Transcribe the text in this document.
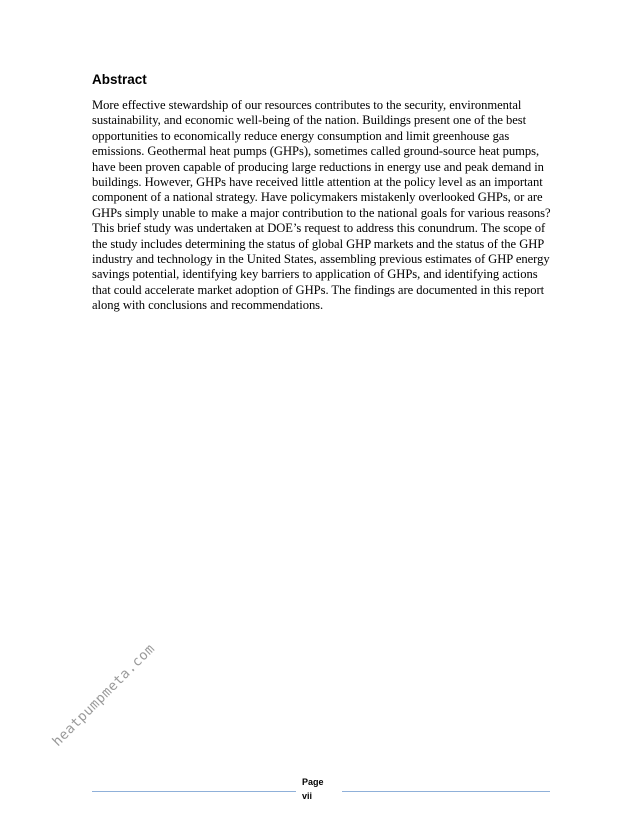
Abstract

More effective stewardship of our resources contributes to the security, environmental sustainability, and economic well-being of the nation. Buildings present one of the best opportunities to economically reduce energy consumption and limit greenhouse gas emissions. Geothermal heat pumps (GHPs), sometimes called ground-source heat pumps, have been proven capable of producing large reductions in energy use and peak demand in buildings. However, GHPs have received little attention at the policy level as an important component of a national strategy. Have policymakers mistakenly overlooked GHPs, or are GHPs simply unable to make a major contribution to the national goals for various reasons? This brief study was undertaken at DOE’s request to address this conundrum. The scope of the study includes determining the status of global GHP markets and the status of the GHP industry and technology in the United States, assembling previous estimates of GHP energy savings potential, identifying key barriers to application of GHPs, and identifying actions that could accelerate market adoption of GHPs. The findings are documented in this report along with conclusions and recommendations.

Page
vii
heatpumpmeta.com
